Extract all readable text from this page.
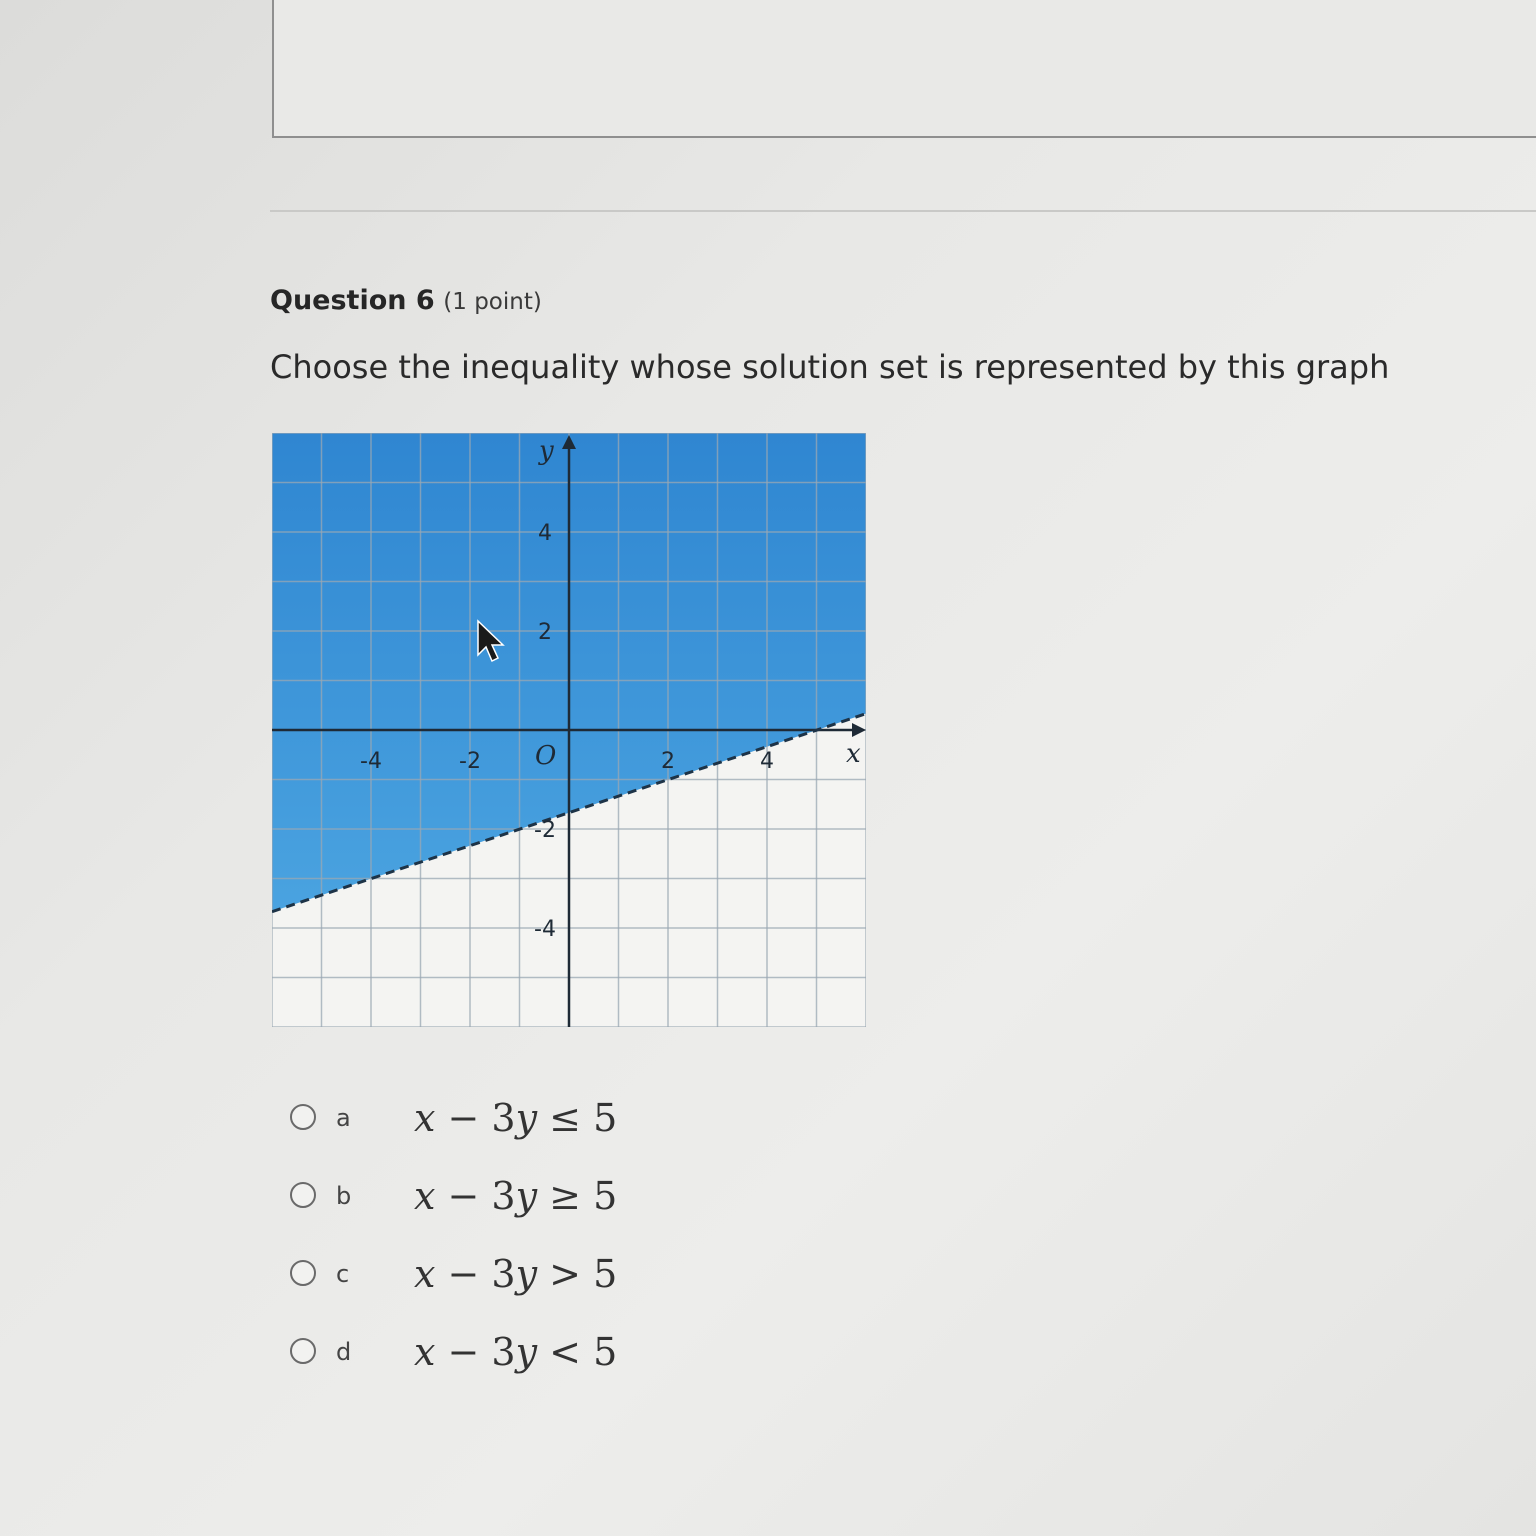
Question 6 (1 point)
Choose the inequality whose solution set is represented by this graph
-4	-2	2	4
4
2
-2
-4
x
y
O
a 𝑥 − 3𝑦 ≤ 5
b 𝑥 − 3𝑦 ≥ 5
c 𝑥 − 3𝑦 > 5
d 𝑥 − 3𝑦 < 5
